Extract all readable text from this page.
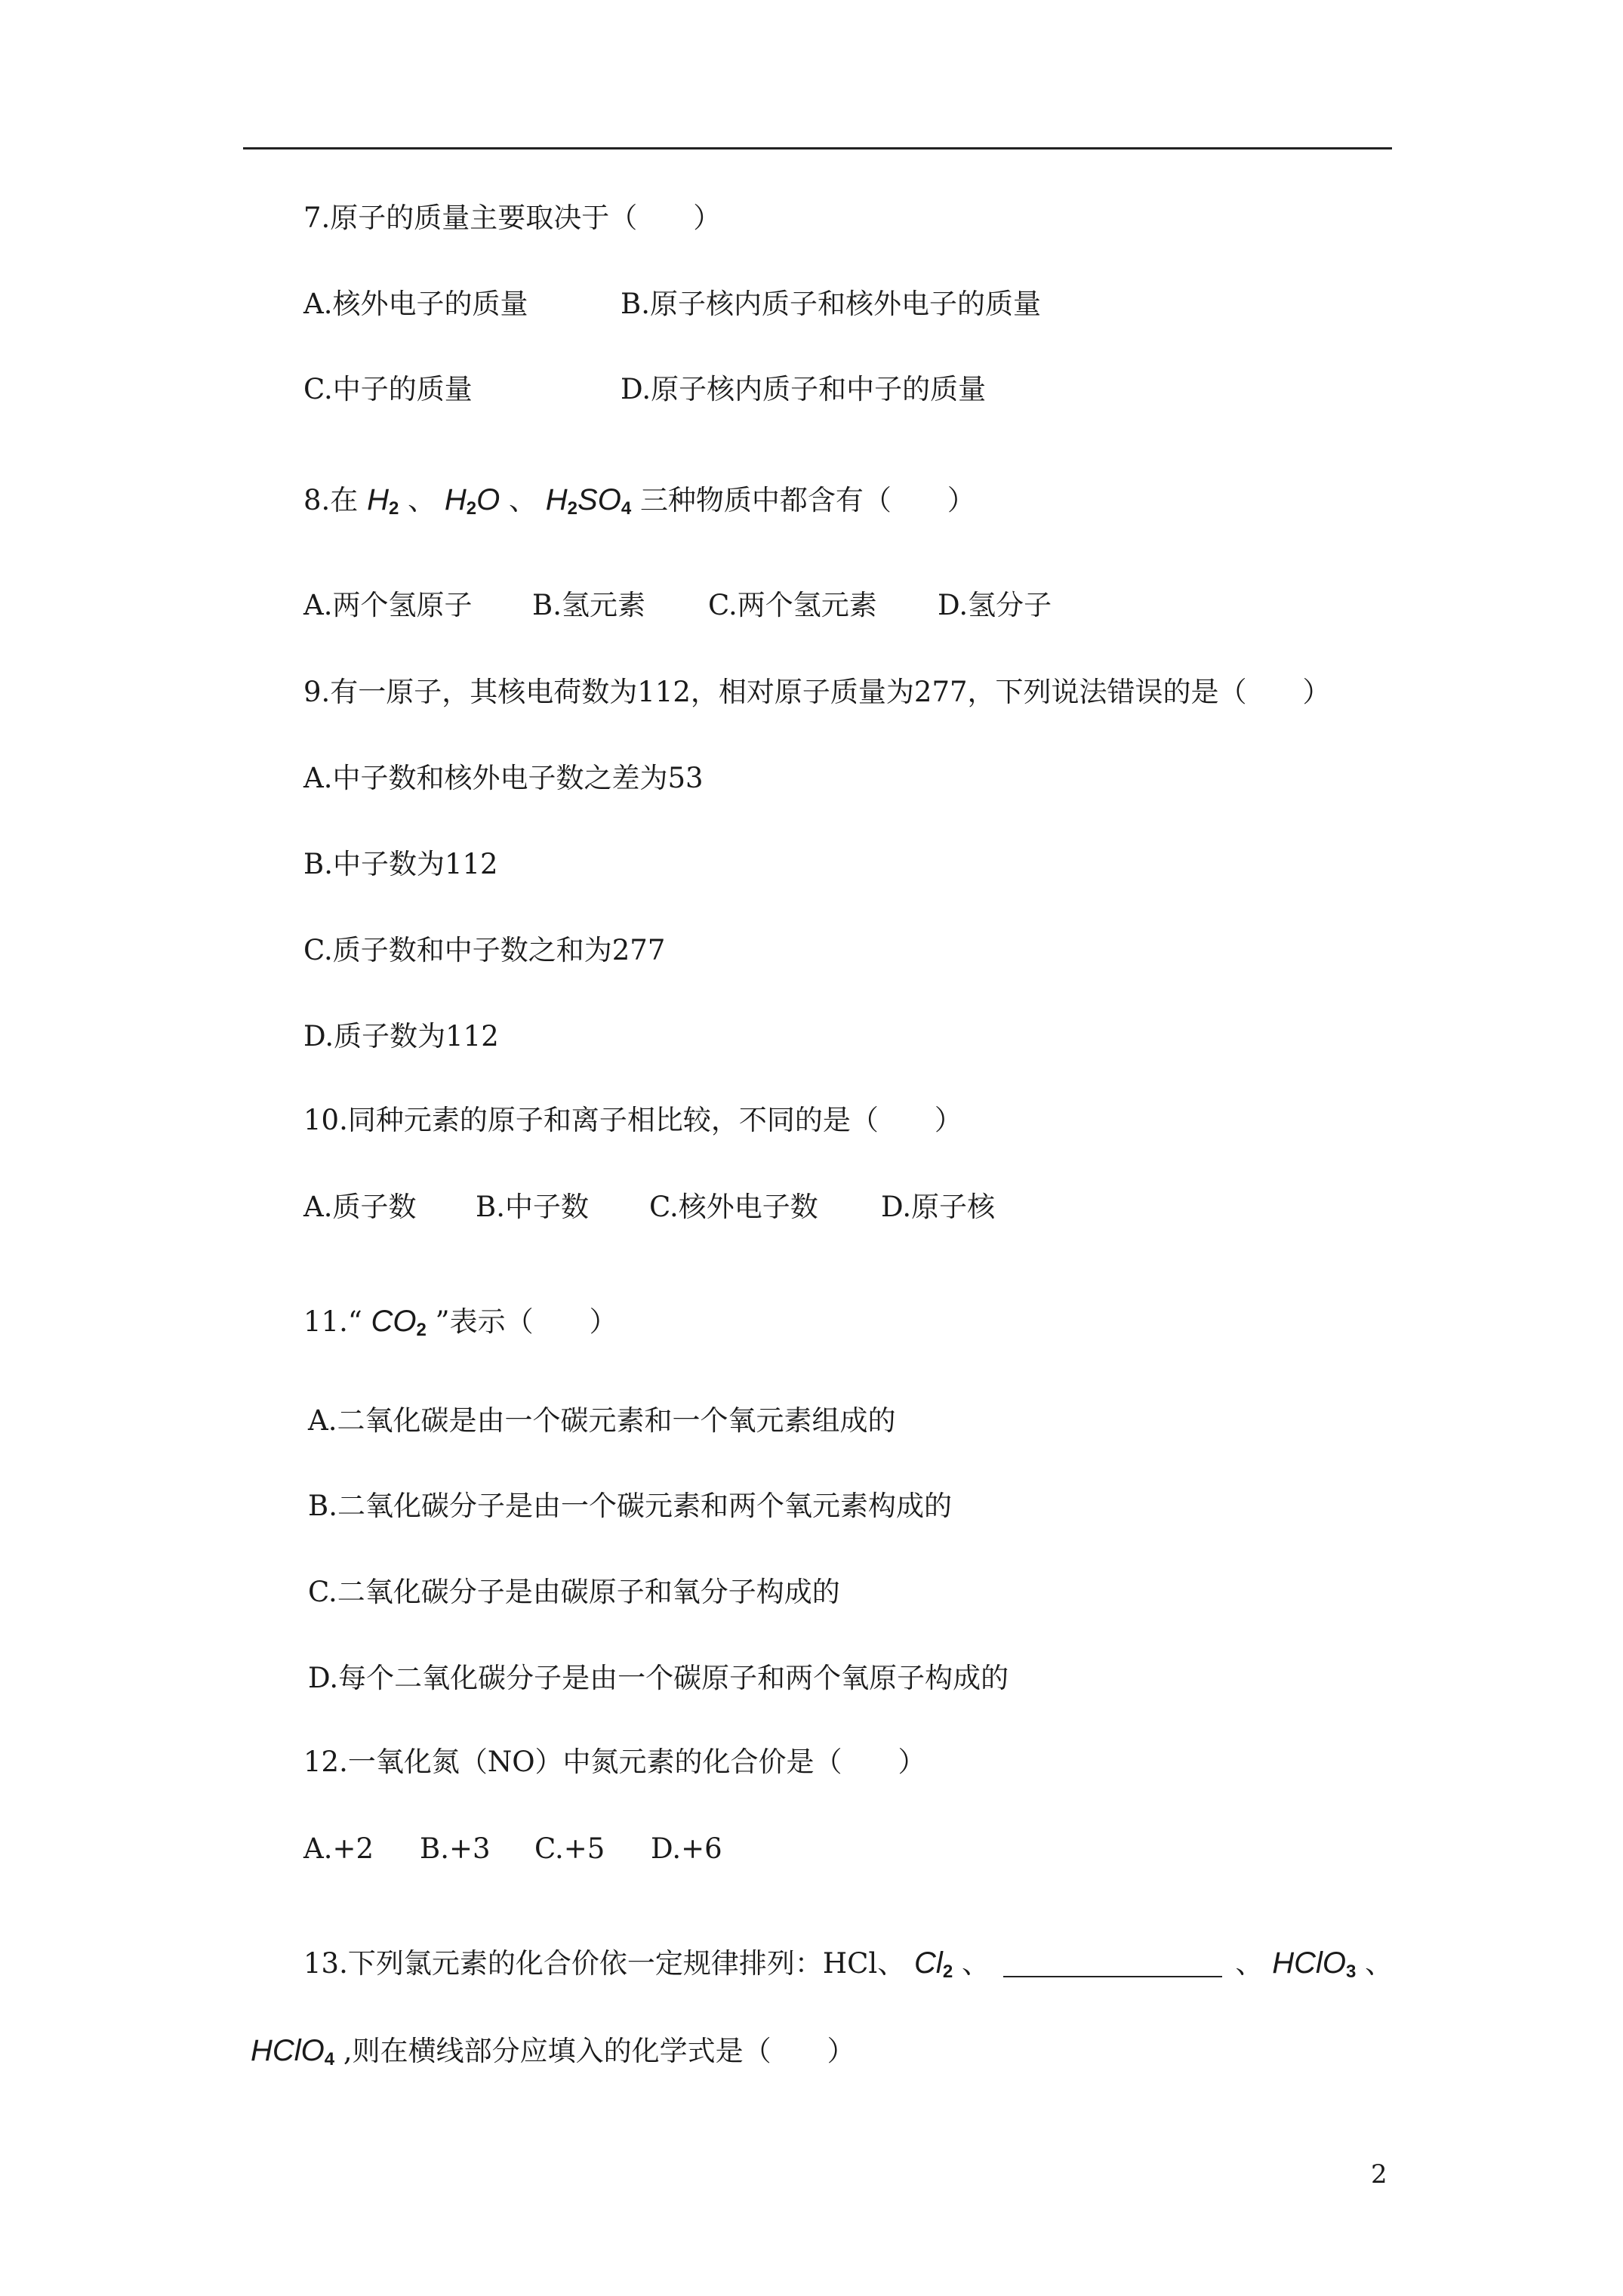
7.原子的质量主要取决于（　　）
A.核外电子的质量	B.原子核内质子和核外电子的质量
C.中子的质量	D.原子核内质子和中子的质量
8.在 $H_2$ 、 $H_2O$ 、 $H_2SO_4$ 三种物质中都含有（　　）
A.两个氢原子 B.氢元素 C.两个氢元素 D.氢分子
9.有一原子，其核电荷数为112，相对原子质量为277，下列说法错误的是（　　）
A.中子数和核外电子数之差为53
B.中子数为112
C.质子数和中子数之和为277
D.质子数为112
10.同种元素的原子和离子相比较，不同的是（　　）
A.质子数 B.中子数 C.核外电子数 D.原子核
11.“ $CO_2$ ”表示（　　）
A.二氧化碳是由一个碳元素和一个氧元素组成的
B.二氧化碳分子是由一个碳元素和两个氧元素构成的
C.二氧化碳分子是由碳原子和氧分子构成的
D.每个二氧化碳分子是由一个碳原子和两个氧原子构成的
12.一氧化氮（NO）中氮元素的化合价是（　　）
A.+2 B.+3 C.+5 D.+6
13.下列氯元素的化合价依一定规律排列：HCl、 $Cl_2$ 、	、 HClO$_3$ 、
HClO$_4$ ,则在横线部分应填入的化学式是（　　）
2
